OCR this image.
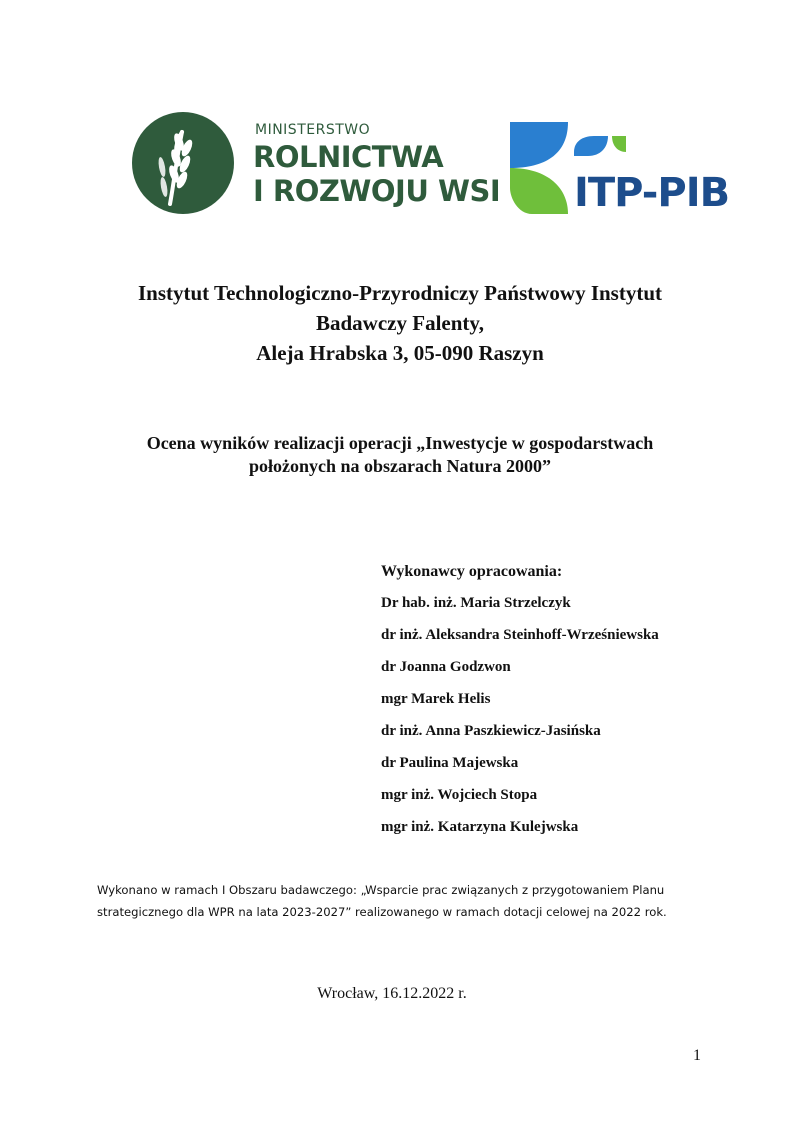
MINISTERSTWO
ROLNICTWA
I ROZWOJU WSI ITP-PIB
Instytut Technologiczno-Przyrodniczy Państwowy Instytut
Badawczy Falenty,
Aleja Hrabska 3, 05-090 Raszyn
Ocena wyników realizacji operacji „Inwestycje w gospodarstwach
położonych na obszarach Natura 2000”
Wykonawcy opracowania:
Dr hab. inż. Maria Strzelczyk
dr inż. Aleksandra Steinhoff-Wrześniewska
dr Joanna Godzwon
mgr Marek Helis
dr inż. Anna Paszkiewicz-Jasińska
dr Paulina Majewska
mgr inż. Wojciech Stopa
mgr inż. Katarzyna Kulejwska
Wykonano w ramach I Obszaru badawczego: „Wsparcie prac związanych z przygotowaniem Planu
strategicznego dla WPR na lata 2023-2027” realizowanego w ramach dotacji celowej na 2022 rok.
Wrocław, 16.12.2022 r.
1
